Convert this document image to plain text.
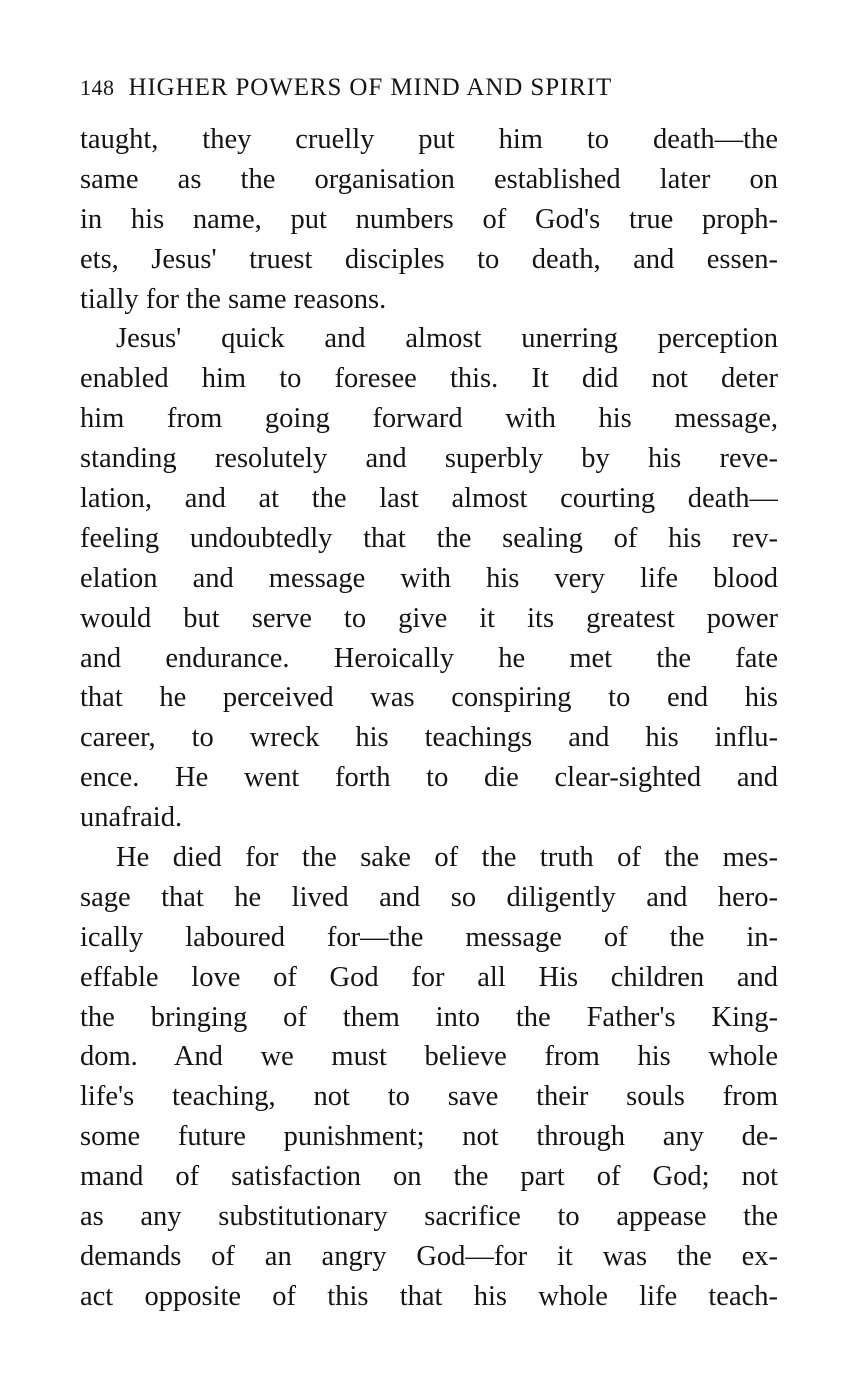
148 HIGHER POWERS OF MIND AND SPIRIT
taught, they cruelly put him to death—the
same as the organisation established later on
in his name, put numbers of God's true proph-
ets, Jesus' truest disciples to death, and essen-
tially for the same reasons.
Jesus' quick and almost unerring perception
enabled him to foresee this. It did not deter
him from going forward with his message,
standing resolutely and superbly by his reve-
lation, and at the last almost courting death—
feeling undoubtedly that the sealing of his rev-
elation and message with his very life blood
would but serve to give it its greatest power
and endurance. Heroically he met the fate
that he perceived was conspiring to end his
career, to wreck his teachings and his influ-
ence. He went forth to die clear-sighted and
unafraid.
He died for the sake of the truth of the mes-
sage that he lived and so diligently and hero-
ically laboured for—the message of the in-
effable love of God for all His children and
the bringing of them into the Father's King-
dom. And we must believe from his whole
life's teaching, not to save their souls from
some future punishment; not through any de-
mand of satisfaction on the part of God; not
as any substitutionary sacrifice to appease the
demands of an angry God—for it was the ex-
act opposite of this that his whole life teach-
